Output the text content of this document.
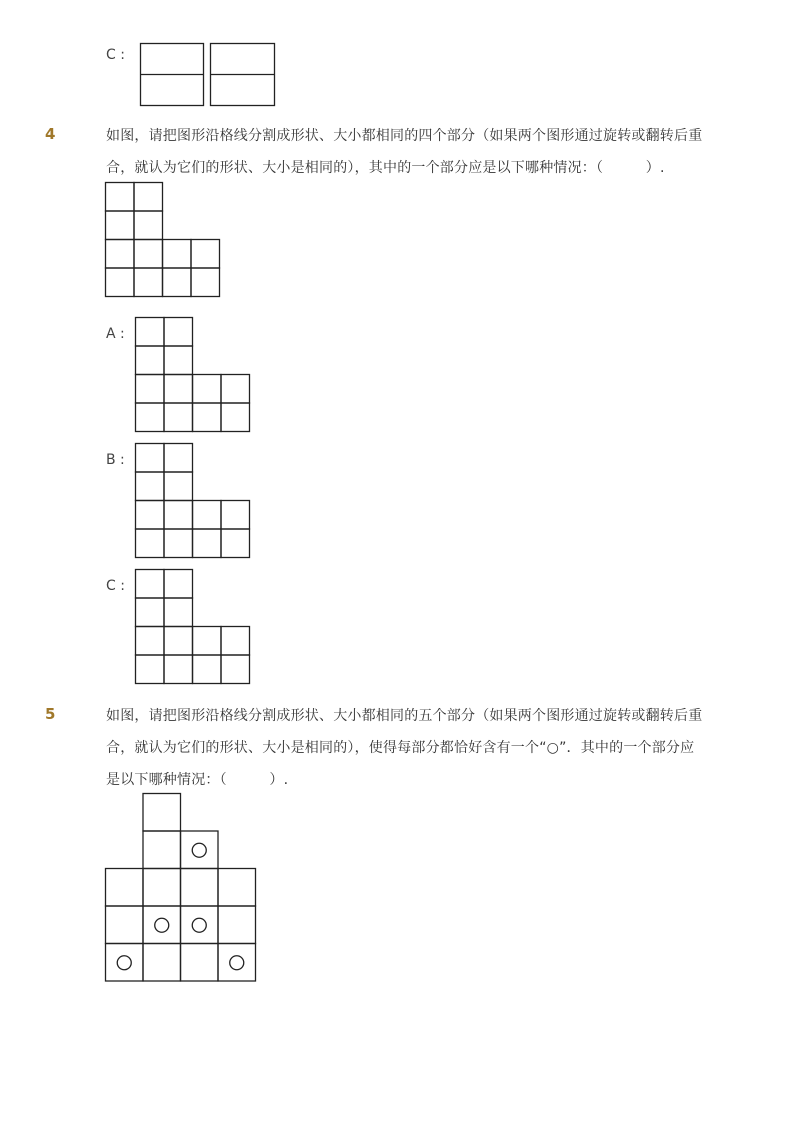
C :
4	如图，请把图形沿格线分割成形状、大小都相同的四个部分（如果两个图形通过旋转或翻转后重
合，就认为它们的形状、大小是相同的），其中的一个部分应是以下哪种情况：（　　　）.
A :
B :
C :
5	如图，请把图形沿格线分割成形状、大小都相同的五个部分（如果两个图形通过旋转或翻转后重
合，就认为它们的形状、大小是相同的），使得每部分都恰好含有一个“○”．其中的一个部分应
是以下哪种情况：（　　　）.
